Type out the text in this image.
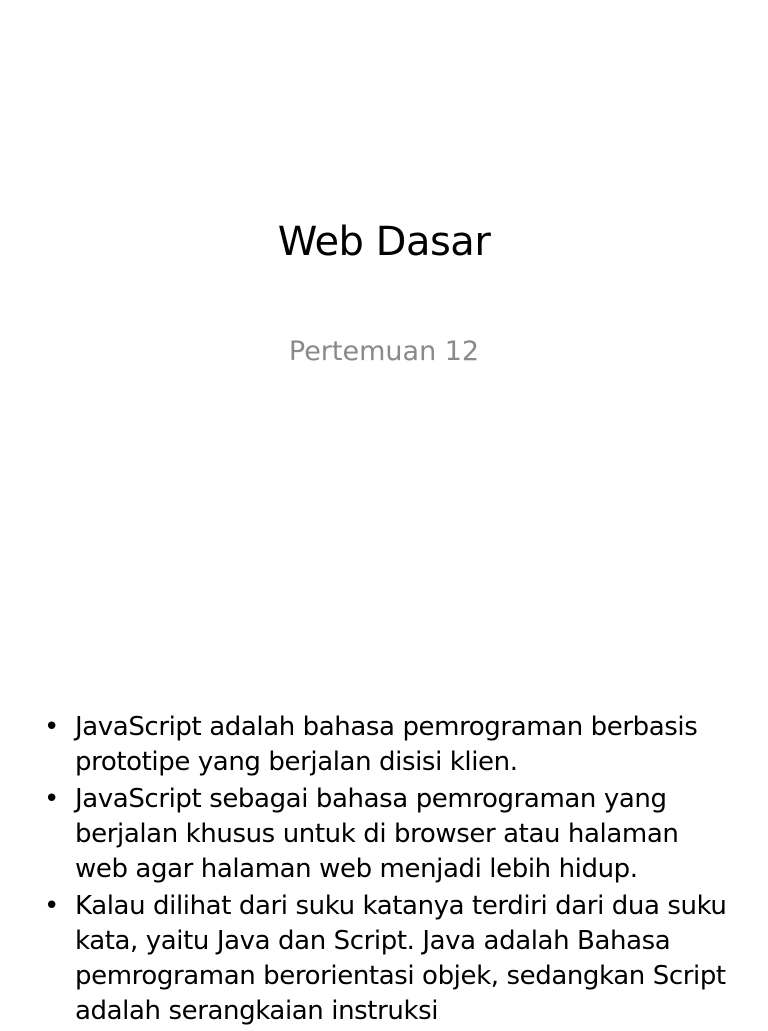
Web Dasar
Pertemuan 12
• JavaScript adalah bahasa pemrograman berbasis prototipe yang berjalan disisi klien.
• JavaScript sebagai bahasa pemrograman yang berjalan khusus untuk di browser atau halaman web agar halaman web menjadi lebih hidup.
• Kalau dilihat dari suku katanya terdiri dari dua suku kata, yaitu Java dan Script. Java adalah Bahasa pemrograman berorientasi objek, sedangkan Script adalah serangkaian instruksi
